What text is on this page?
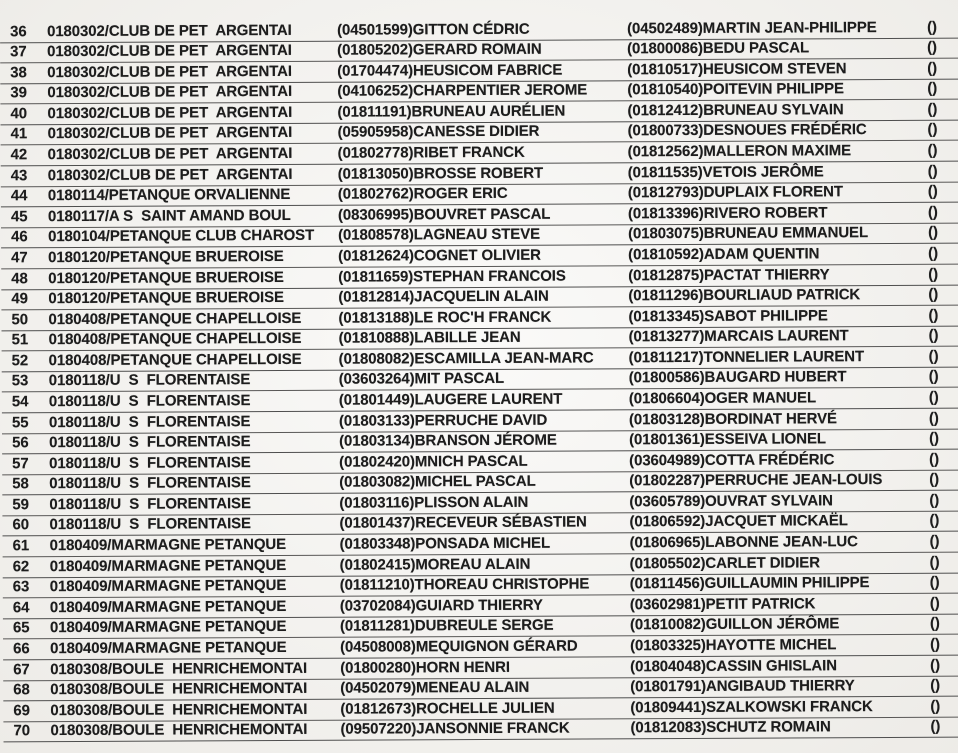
36	0180302/CLUB DE PET  ARGENTAI	(04501599)GITTON CÉDRIC	(04502489)MARTIN JEAN-PHILIPPE	()
37	0180302/CLUB DE PET  ARGENTAI	(01805202)GERARD ROMAIN	(01800086)BEDU PASCAL	()
38	0180302/CLUB DE PET  ARGENTAI	(01704474)HEUSICOM FABRICE	(01810517)HEUSICOM STEVEN	()
39	0180302/CLUB DE PET  ARGENTAI	(04106252)CHARPENTIER JEROME	(01810540)POITEVIN PHILIPPE	()
40	0180302/CLUB DE PET  ARGENTAI	(01811191)BRUNEAU AURÉLIEN	(01812412)BRUNEAU SYLVAIN	()
41	0180302/CLUB DE PET  ARGENTAI	(05905958)CANESSE DIDIER	(01800733)DESNOUES FRÉDÉRIC	()
42	0180302/CLUB DE PET  ARGENTAI	(01802778)RIBET FRANCK	(01812562)MALLERON MAXIME	()
43	0180302/CLUB DE PET  ARGENTAI	(01813050)BROSSE ROBERT	(01811535)VETOIS JERÔME	()
44	0180114/PETANQUE ORVALIENNE	(01802762)ROGER ERIC	(01812793)DUPLAIX FLORENT	()
45	0180117/A S  SAINT AMAND BOUL	(08306995)BOUVRET PASCAL	(01813396)RIVERO ROBERT	()
46	0180104/PETANQUE CLUB CHAROST	(01808578)LAGNEAU STEVE	(01803075)BRUNEAU EMMANUEL	()
47	0180120/PETANQUE BRUEROISE	(01812624)COGNET OLIVIER	(01810592)ADAM QUENTIN	()
48	0180120/PETANQUE BRUEROISE	(01811659)STEPHAN FRANCOIS	(01812875)PACTAT THIERRY	()
49	0180120/PETANQUE BRUEROISE	(01812814)JACQUELIN ALAIN	(01811296)BOURLIAUD PATRICK	()
50	0180408/PETANQUE CHAPELLOISE	(01813188)LE ROC'H FRANCK	(01813345)SABOT PHILIPPE	()
51	0180408/PETANQUE CHAPELLOISE	(01810888)LABILLE JEAN	(01813277)MARCAIS LAURENT	()
52	0180408/PETANQUE CHAPELLOISE	(01808082)ESCAMILLA JEAN-MARC	(01811217)TONNELIER LAURENT	()
53	0180118/U  S  FLORENTAISE	(03603264)MIT PASCAL	(01800586)BAUGARD HUBERT	()
54	0180118/U  S  FLORENTAISE	(01801449)LAUGERE LAURENT	(01806604)OGER MANUEL	()
55	0180118/U  S  FLORENTAISE	(01803133)PERRUCHE DAVID	(01803128)BORDINAT HERVÉ	()
56	0180118/U  S  FLORENTAISE	(01803134)BRANSON JÉROME	(01801361)ESSEIVA LIONEL	()
57	0180118/U  S  FLORENTAISE	(01802420)MNICH PASCAL	(03604989)COTTA FRÉDÉRIC	()
58	0180118/U  S  FLORENTAISE	(01803082)MICHEL PASCAL	(01802287)PERRUCHE JEAN-LOUIS	()
59	0180118/U  S  FLORENTAISE	(01803116)PLISSON ALAIN	(03605789)OUVRAT SYLVAIN	()
60	0180118/U  S  FLORENTAISE	(01801437)RECEVEUR SÉBASTIEN	(01806592)JACQUET MICKAËL	()
61	0180409/MARMAGNE PETANQUE	(01803348)PONSADA MICHEL	(01806965)LABONNE JEAN-LUC	()
62	0180409/MARMAGNE PETANQUE	(01802415)MOREAU ALAIN	(01805502)CARLET DIDIER	()
63	0180409/MARMAGNE PETANQUE	(01811210)THOREAU CHRISTOPHE	(01811456)GUILLAUMIN PHILIPPE	()
64	0180409/MARMAGNE PETANQUE	(03702084)GUIARD THIERRY	(03602981)PETIT PATRICK	()
65	0180409/MARMAGNE PETANQUE	(01811281)DUBREULE SERGE	(01810082)GUILLON JÉRÔME	()
66	0180409/MARMAGNE PETANQUE	(04508008)MEQUIGNON GÉRARD	(01803325)HAYOTTE MICHEL	()
67	0180308/BOULE  HENRICHEMONTAI	(01800280)HORN HENRI	(01804048)CASSIN GHISLAIN	()
68	0180308/BOULE  HENRICHEMONTAI	(04502079)MENEAU ALAIN	(01801791)ANGIBAUD THIERRY	()
69	0180308/BOULE  HENRICHEMONTAI	(01812673)ROCHELLE JULIEN	(01809441)SZALKOWSKI FRANCK	()
70	0180308/BOULE  HENRICHEMONTAI	(09507220)JANSONNIE FRANCK	(01812083)SCHUTZ ROMAIN	()
